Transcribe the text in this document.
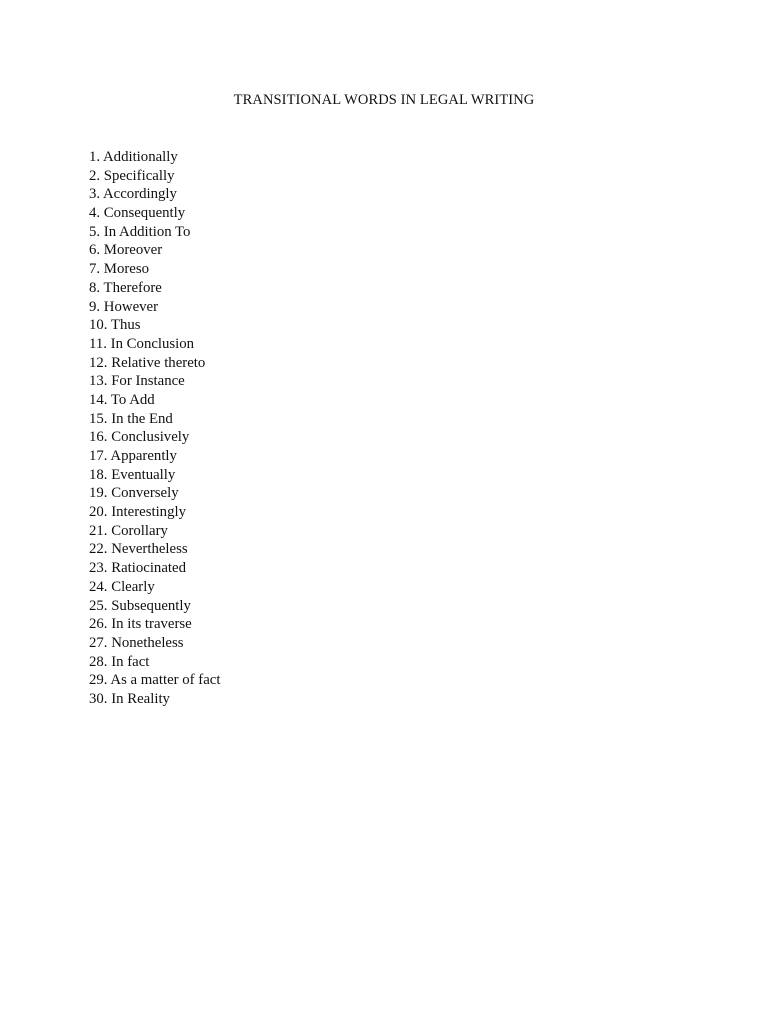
TRANSITIONAL WORDS IN LEGAL WRITING
1. Additionally
2. Specifically
3. Accordingly
4. Consequently
5. In Addition To
6. Moreover
7. Moreso
8. Therefore
9. However
10. Thus
11. In Conclusion
12. Relative thereto
13. For Instance
14. To Add
15. In the End
16. Conclusively
17. Apparently
18. Eventually
19. Conversely
20. Interestingly
21. Corollary
22. Nevertheless
23. Ratiocinated
24. Clearly
25. Subsequently
26. In its traverse
27. Nonetheless
28. In fact
29. As a matter of fact
30. In Reality
